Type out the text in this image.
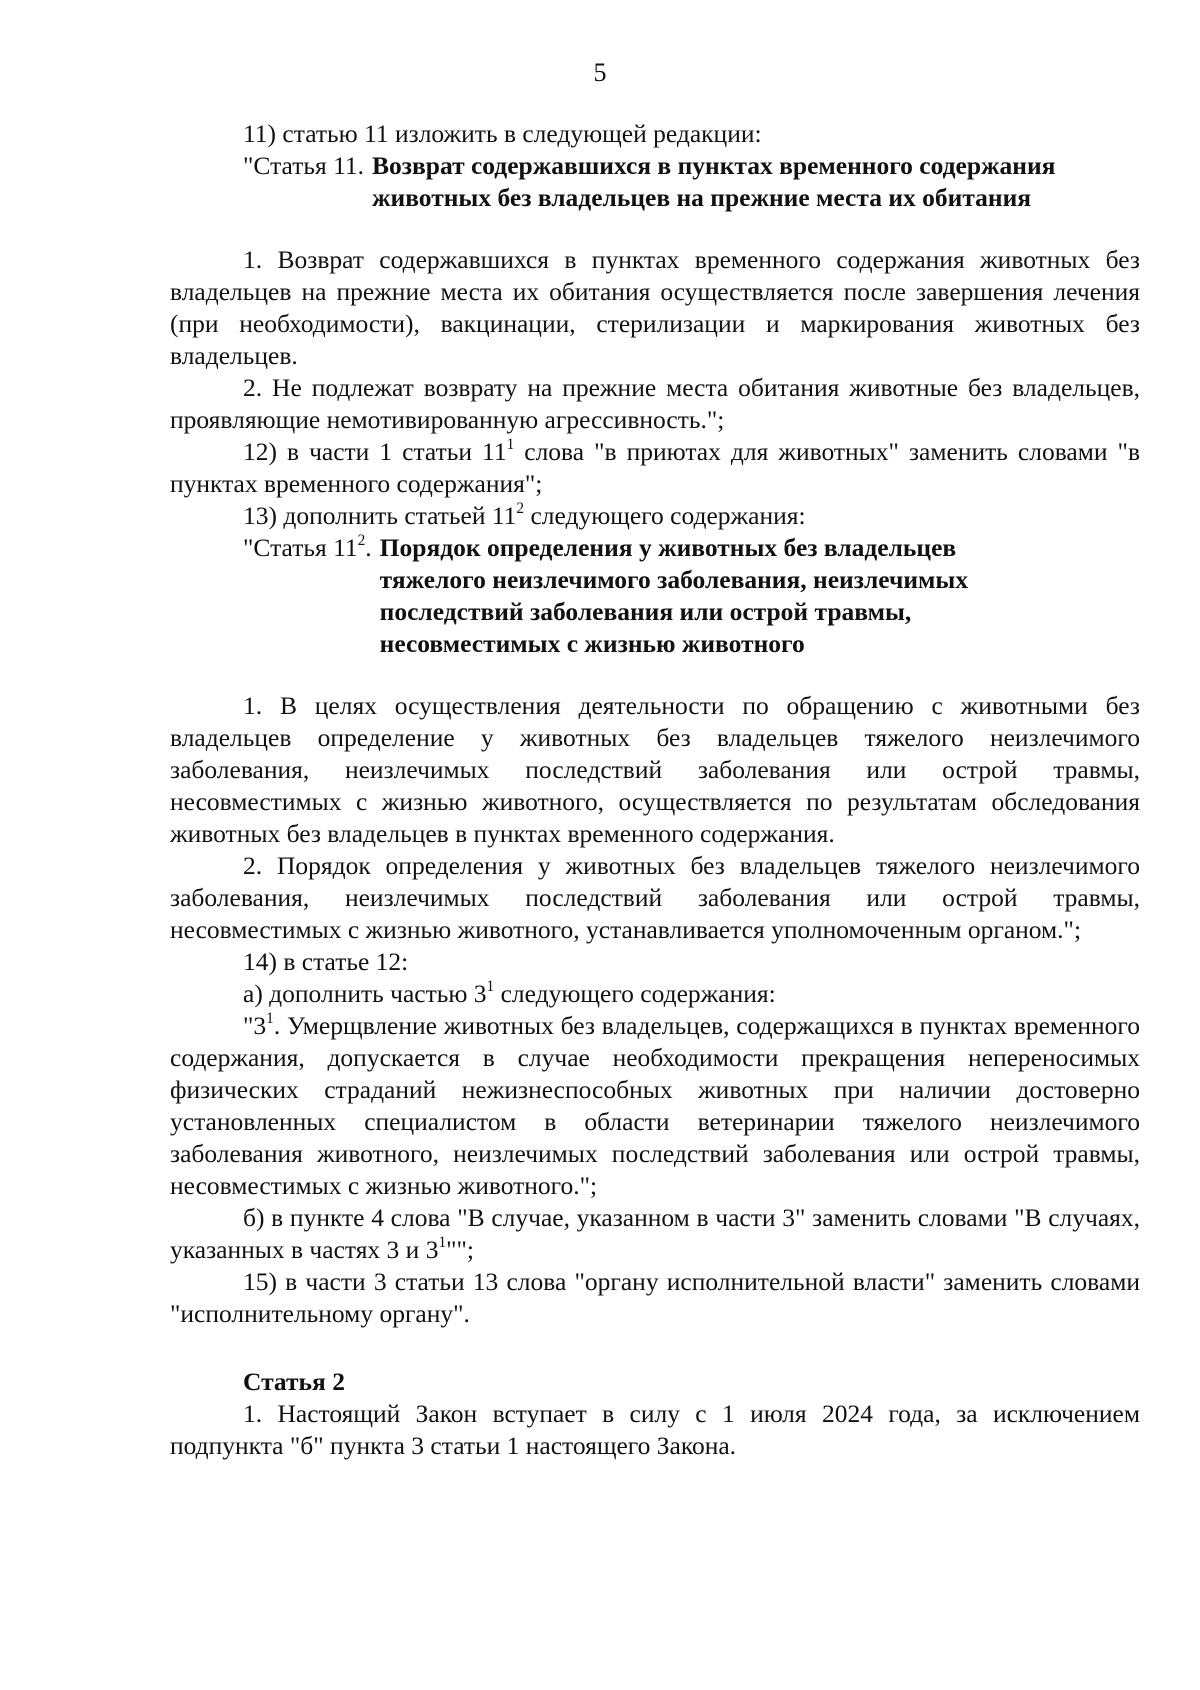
5

11) статью 11 изложить в следующей редакции:

"Статья 11. Возврат содержавшихся в пунктах временного содержания животных без владельцев на прежние места их обитания

1. Возврат содержавшихся в пунктах временного содержания животных без владельцев на прежние места их обитания осуществляется после завершения лечения (при необходимости), вакцинации, стерилизации и маркирования животных без владельцев.

2. Не подлежат возврату на прежние места обитания животные без владельцев, проявляющие немотивированную агрессивность.";

12) в части 1 статьи $11^1$ слова "в приютах для животных" заменить словами "в пунктах временного содержания";

13) дополнить статьей $11^2$ следующего содержания:

"Статья $11^2$. Порядок определения у животных без владельцев тяжелого неизлечимого заболевания, неизлечимых последствий заболевания или острой травмы, несовместимых с жизнью животного

1. В целях осуществления деятельности по обращению с животными без владельцев определение у животных без владельцев тяжелого неизлечимого заболевания, неизлечимых последствий заболевания или острой травмы, несовместимых с жизнью животного, осуществляется по результатам обследования животных без владельцев в пунктах временного содержания.

2. Порядок определения у животных без владельцев тяжелого неизлечимого заболевания, неизлечимых последствий заболевания или острой травмы, несовместимых с жизнью животного, устанавливается уполномоченным органом.";

14) в статье 12:

а) дополнить частью $3^1$ следующего содержания:

"$3^1$. Умерщвление животных без владельцев, содержащихся в пунктах временного содержания, допускается в случае необходимости прекращения непереносимых физических страданий нежизнеспособных животных при наличии достоверно установленных специалистом в области ветеринарии тяжелого неизлечимого заболевания животного, неизлечимых последствий заболевания или острой травмы, несовместимых с жизнью животного.";

б) в пункте 4 слова "В случае, указанном в части 3" заменить словами "В случаях, указанных в частях 3 и $3^1$"";

15) в части 3 статьи 13 слова "органу исполнительной власти" заменить словами "исполнительному органу".

Статья 2

1. Настоящий Закон вступает в силу с 1 июля 2024 года, за исключением подпункта "б" пункта 3 статьи 1 настоящего Закона.
